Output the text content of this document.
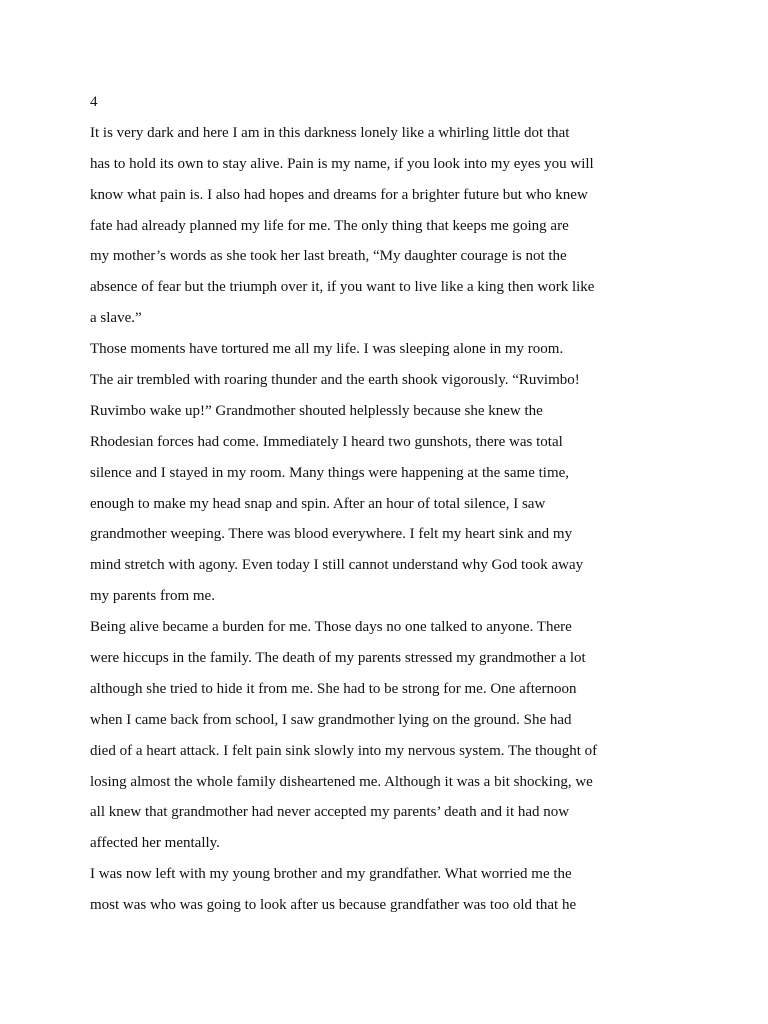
4
It is very dark and here I am in this darkness lonely like a whirling little dot that
has to hold its own to stay alive. Pain is my name, if you look into my eyes you will
know what pain is. I also had hopes and dreams for a brighter future but who knew
fate had already planned my life for me. The only thing that keeps me going are
my mother’s words as she took her last breath, “My daughter courage is not the
absence of fear but the triumph over it, if you want to live like a king then work like
a slave.”
Those moments have tortured me all my life. I was sleeping alone in my room.
The air trembled with roaring thunder and the earth shook vigorously. “Ruvimbo!
Ruvimbo wake up!” Grandmother shouted helplessly because she knew the
Rhodesian forces had come. Immediately I heard two gunshots, there was total
silence and I stayed in my room. Many things were happening at the same time,
enough to make my head snap and spin. After an hour of total silence, I saw
grandmother weeping. There was blood everywhere. I felt my heart sink and my
mind stretch with agony. Even today I still cannot understand why God took away
my parents from me.
Being alive became a burden for me. Those days no one talked to anyone. There
were hiccups in the family. The death of my parents stressed my grandmother a lot
although she tried to hide it from me. She had to be strong for me. One afternoon
when I came back from school, I saw grandmother lying on the ground. She had
died of a heart attack. I felt pain sink slowly into my nervous system. The thought of
losing almost the whole family disheartened me. Although it was a bit shocking, we
all knew that grandmother had never accepted my parents’ death and it had now
affected her mentally.
I was now left with my young brother and my grandfather. What worried me the
most was who was going to look after us because grandfather was too old that he
